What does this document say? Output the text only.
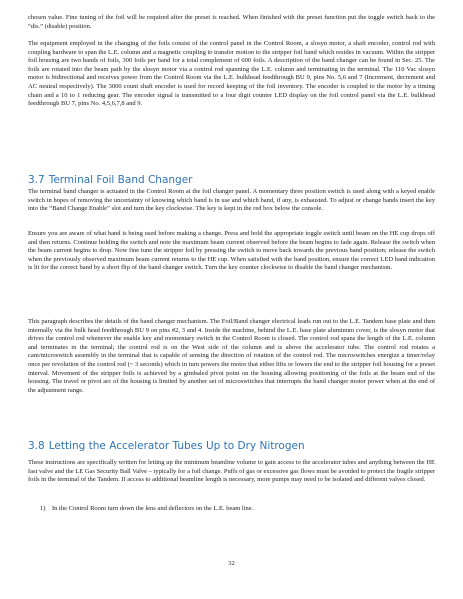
chosen value. Fine tuning of the foil will be required after the preset is reached. When finished with the preset function put the toggle switch back to the “dis.” (disable) position.

The equipment employed in the changing of the foils consist of the control panel in the Control Room, a slosyn motor, a shaft encoder, control rod with coupling hardware to span the L.E. column and a magnetic coupling to transfer motion to the stripper foil band which resides in vacuum. Within the stripper foil housing are two bands of foils, 300 foils per band for a total complement of 600 foils. A description of the band changer can be found in Sec. 25. The foils are rotated into the beam path by the slosyn motor via a control rod spanning the L.E. column and terminating in the terminal. The 110 Vac slosyn motor is bidirectional and receives power from the Control Room via the L.E. bulkhead feedthrough BU 9, pins No. 5,6 and 7 (Increment, decrement and AC neutral respectively). The 3000 count shaft encoder is used for record keeping of the foil inventory. The encoder is coupled to the motor by a timing chain and a 10 to 1 reducing gear. The encoder signal is transmitted to a four digit counter LED display on the foil control panel via the L.E. bulkhead feedthrough BU 7, pins No. 4,5,6,7,8 and 9.

3.7 Terminal Foil Band Changer

The terminal band changer is actuated in the Control Room at the foil changer panel. A momentary three position switch is used along with a keyed enable switch in hopes of removing the uncertainty of knowing which band is in use and which band, if any, is exhausted. To adjust or change bands insert the key into the “Band Change Enable” slot and turn the key clockwise. The key is kept in the red box below the console.

Ensure you are aware of what band is being used before making a change. Press and hold the appropriate toggle switch until beam on the HE cup drops off and then returns. Continue holding the switch and note the maximum beam current observed before the beam begins to fade again. Release the switch when the beam current begins to drop. Now fine tune the stripper foil by pressing the switch to move back towards the previous band position; release the switch when the previously observed maximum beam current returns to the HE cup. When satisfied with the band position, ensure the correct LED band indication is lit for the correct band by a short flip of the band changer switch. Turn the key counter clockwise to disable the band changer mechanism.

This paragraph describes the details of the band changer mechanism. The Foil/Band changer electrical leads run out to the L.E. Tandem base plate and then internally via the bulk head feedthrough BU 9 on pins #2, 3 and 4. Inside the machine, behind the L.E. base plate aluminum cover, is the slosyn motor that drives the control rod whenever the enable key and momentary switch in the Control Room is closed. The control rod spans the length of the L.E. column and terminates in the terminal; the control rod is on the West side of the column and is above the accelerator tube. The control rod rotates a cam/microswitch assembly in the terminal that is capable of sensing the direction of rotation of the control rod. The microswitches energize a timer/relay once per revolution of the control rod (~ 3 seconds) which in turn powers the motor that either lifts or lowers the end to the stripper foil housing for a preset interval. Movement of the stripper foils is achieved by a gimbaled pivot point on the housing allowing positioning of the foils at the beam end of the housing. The travel or pivot arc of the housing is limited by another set of microswitches that interrupts the band changer motor power when at the end of the adjustment range.

3.8 Letting the Accelerator Tubes Up to Dry Nitrogen

These instructions are specifically written for letting up the minimum beamline volume to gain access to the accelerator tubes and anything between the HE fast valve and the LE Gas Security Ball Valve – typically for a foil change. Puffs of gas or excessive gas flows must be avoided to protect the fragile stripper foils in the terminal of the Tandem. If access to additional beamline length is necessary, more pumps may need to be isolated and different valves closed.

1) In the Control Room turn down the lens and deflectors on the L.E. beam line.
32
